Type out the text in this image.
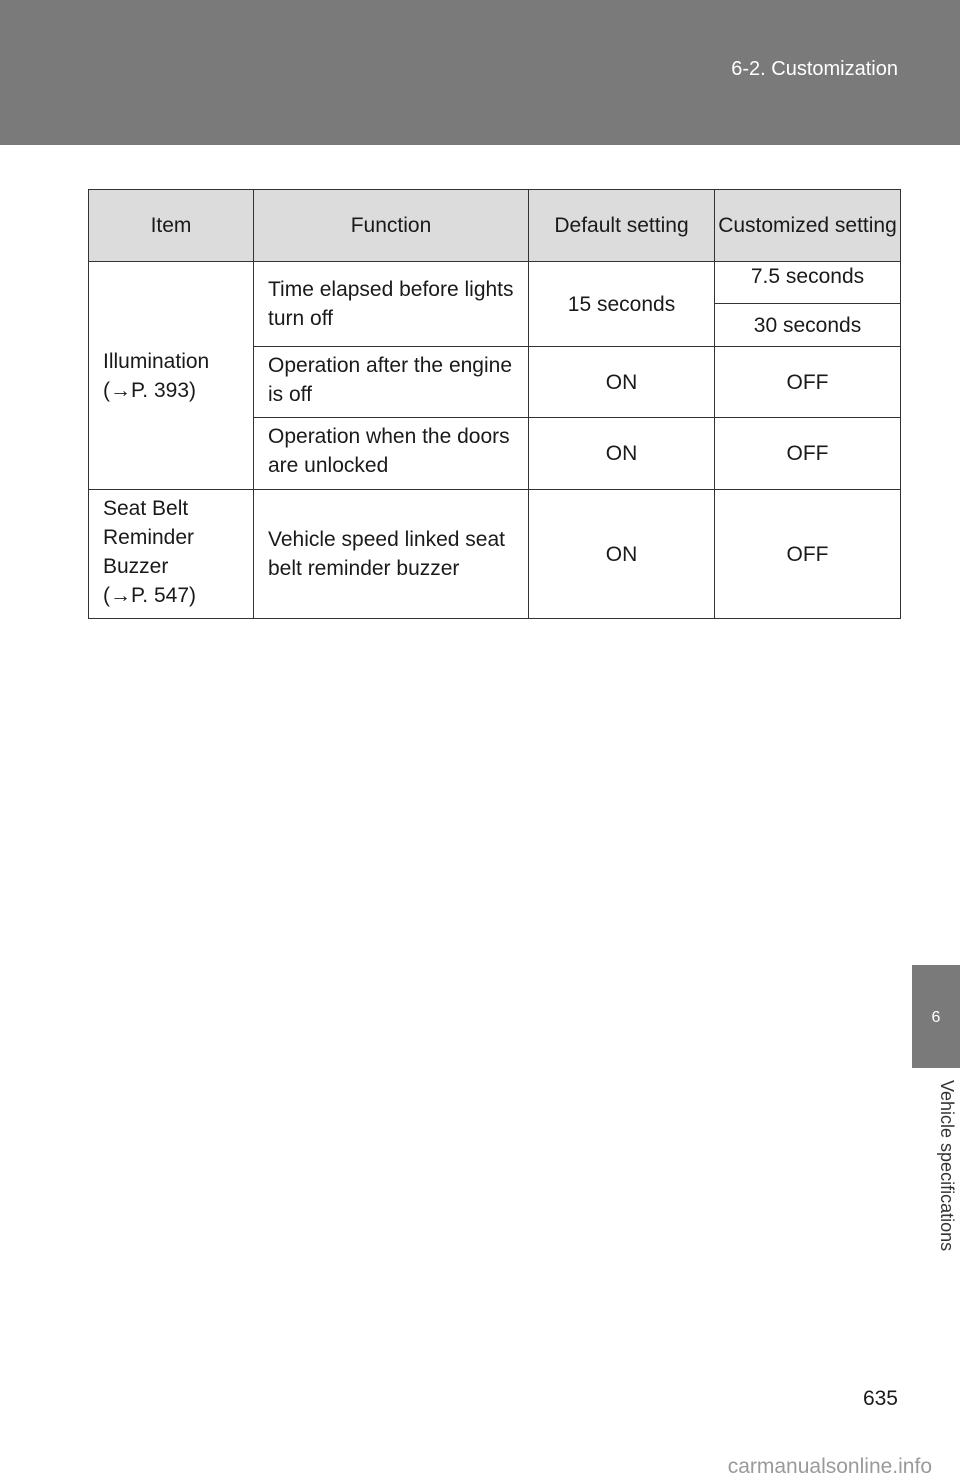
6-2. Customization
Item	Function	Default setting	Customized setting

Illumination
(→P. 393)	Time elapsed before lights turn off	15 seconds	7.5 seconds
			30 seconds
	Operation after the engine is off	ON	OFF
	Operation when the doors are unlocked	ON	OFF

Seat Belt Reminder Buzzer
(→P. 547)	Vehicle speed linked seat belt reminder buzzer	ON	OFF
6
Vehicle specifications
635
carmanualsonline.info
